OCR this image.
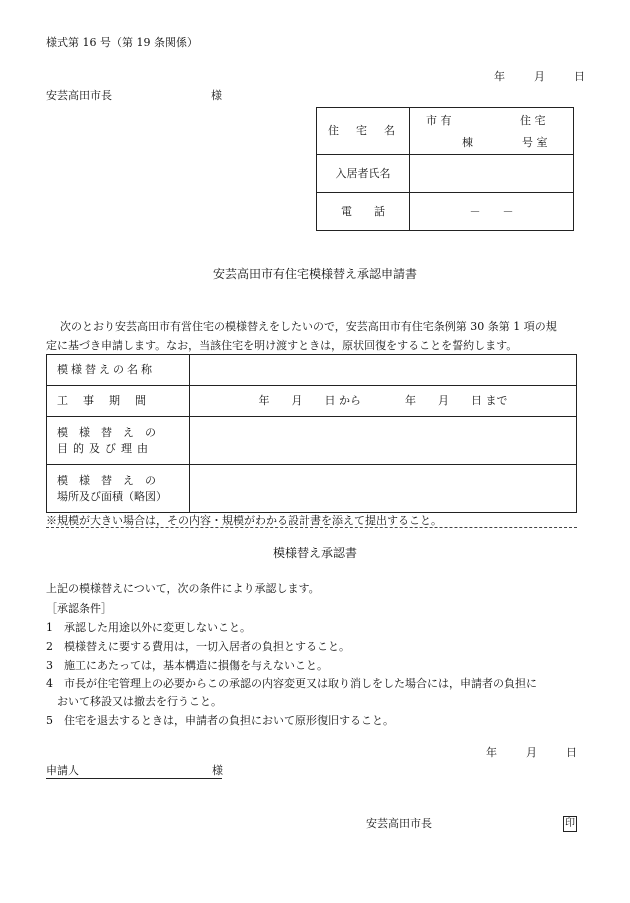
様式第 16 号（第 19 条関係）
年	月	日
安芸高田市長	様
住　宅　名	市 有 住 宅
棟 号 室

入居者氏名	
電　　話	－　　－
安芸高田市有住宅模様替え承認申請書
次のとおり安芸高田市有営住宅の模様替えをしたいので，安芸高田市有住宅条例第 30 条第 1 項の規
定に基づき申請します。なお，当該住宅を明け渡すときは，原状回復をすることを誓約します。
模様替えの名称	

工　事　期　間	年　　月　　日 から　　　　年　　月　　日 まで

模　様　替　え　の
目的及び理由	

模　様　替　え　の
場所及び面積（略図）	

※規模が大きい場合は，その内容・規模がわかる設計書を添えて提出すること。
模様替え承認書
上記の模様替えについて，次の条件により承認します。
［承認条件］
1　承認した用途以外に変更しないこと。
2　模様替えに要する費用は，一切入居者の負担とすること。
3　施工にあたっては，基本構造に損傷を与えないこと。
4　市長が住宅管理上の必要からこの承認の内容変更又は取り消しをした場合には，申請者の負担に
　おいて移設又は撤去を行うこと。
5　住宅を退去するときは，申請者の負担において原形復旧すること。
年	月	日
申請人	様
安芸高田市長	印
